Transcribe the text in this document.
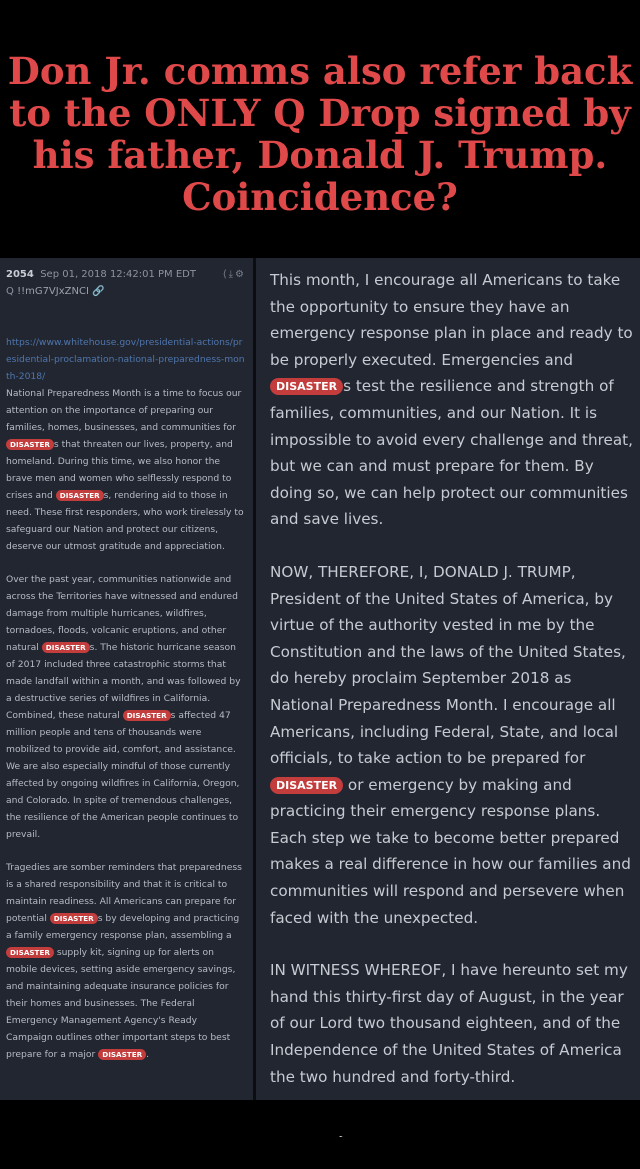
Don Jr. comms also refer back to the ONLY Q Drop signed by his father, Donald J. Trump. Coincidence?
2054 Sep 01, 2018 12:42:01 PM EDT	⟨⤓⚙

Q !!mG7VJxZNCI 🔗

https://www.whitehouse.gov/presidential-actions/presidential-proclamation-national-preparedness-month-2018/
National Preparedness Month is a time to focus our attention on the importance of preparing our families, homes, businesses, and communities for DISASTER s that threaten our lives, property, and homeland. During this time, we also honor the brave men and women who selflessly respond to crises and DISASTER s, rendering aid to those in need. These first responders, who work tirelessly to safeguard our Nation and protect our citizens, deserve our utmost gratitude and appreciation.

Over the past year, communities nationwide and across the Territories have witnessed and endured damage from multiple hurricanes, wildfires, tornadoes, floods, volcanic eruptions, and other natural DISASTER s. The historic hurricane season of 2017 included three catastrophic storms that made landfall within a month, and was followed by a destructive series of wildfires in California. Combined, these natural DISASTER s affected 47 million people and tens of thousands were mobilized to provide aid, comfort, and assistance. We are also especially mindful of those currently affected by ongoing wildfires in California, Oregon, and Colorado. In spite of tremendous challenges, the resilience of the American people continues to prevail.

Tragedies are somber reminders that preparedness is a shared responsibility and that it is critical to maintain readiness. All Americans can prepare for potential DISASTER s by developing and practicing a family emergency response plan, assembling a DISASTER supply kit, signing up for alerts on mobile devices, setting aside emergency savings, and maintaining adequate insurance policies for their homes and businesses. The Federal Emergency Management Agency's Ready Campaign outlines other important steps to best prepare for a major DISASTER .

This month, I encourage all Americans to take the opportunity to ensure they have an emergency response plan in place and ready to be properly executed. Emergencies and DISASTER s test the resilience and strength of families, communities, and our Nation. It is impossible to avoid every challenge and threat, but we can and must prepare for them. By doing so, we can help protect our communities and save lives.

NOW, THEREFORE, I, DONALD J. TRUMP, President of the United States of America, by virtue of the authority vested in me by the Constitution and the laws of the United States, do hereby proclaim September 2018 as National Preparedness Month. I encourage all Americans, including Federal, State, and local officials, to take action to be prepared for DISASTER or emergency by making and practicing their emergency response plans. Each step we take to become better prepared makes a real difference in how our families and communities will respond and persevere when faced with the unexpected.

IN WITNESS WHEREOF, I have hereunto set my hand this thirty-first day of August, in the year of our Lord two thousand eighteen, and of the Independence of the United States of America the two hundred and forty-third.
